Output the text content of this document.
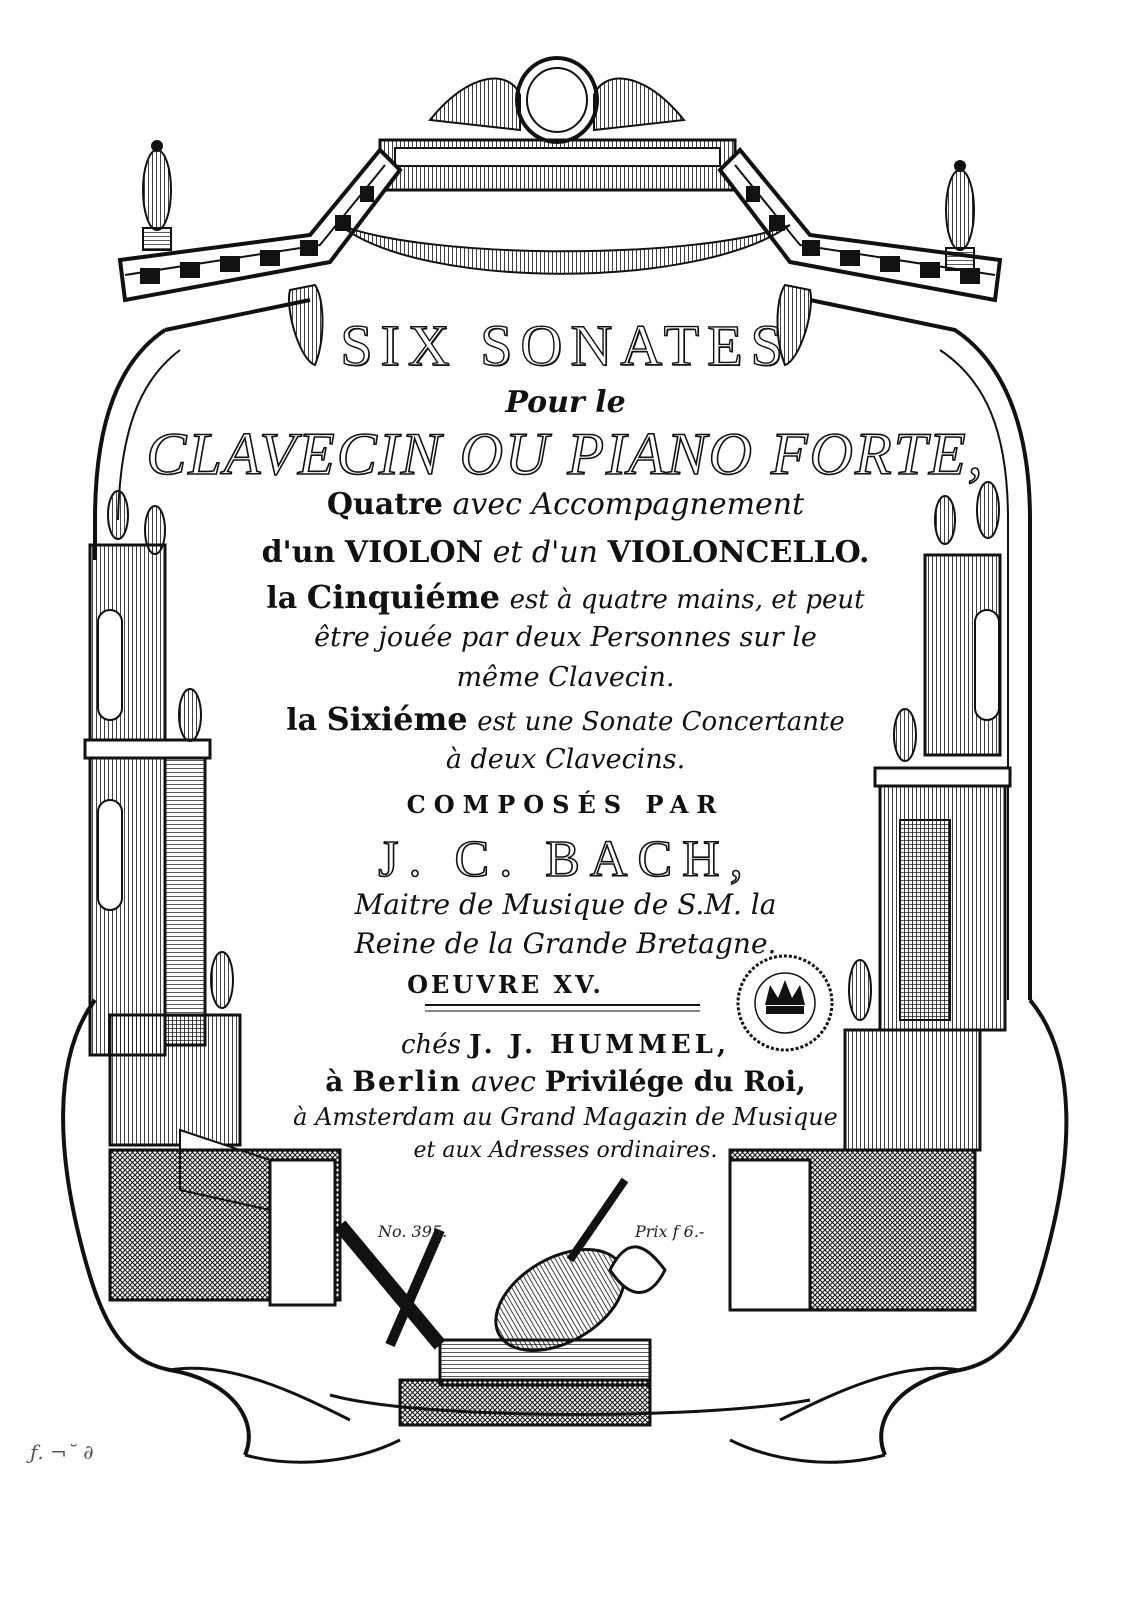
SIX SONATES
Pour le
CLAVECIN OU PIANO FORTE,
Quatre avec Accompagnement
d'un VIOLON et d'un VIOLONCELLO.
la Cinquiéme est à quatre mains, et peut
être jouée par deux Personnes sur le
même Clavecin.
la Sixiéme est une Sonate Concertante
à deux Clavecins.
COMPOSÉS PAR
J. C. BACH,
Maitre de Musique de S.M. la
Reine de la Grande Bretagne.
OEUVRE XV.
chés J. J. HUMMEL,
à Berlin avec Privilége du Roi,
à Amsterdam au Grand Magazin de Musique
et aux Adresses ordinaires.
No. 395.	Prix f 6.-
ƒ. ¬˘ ∂
